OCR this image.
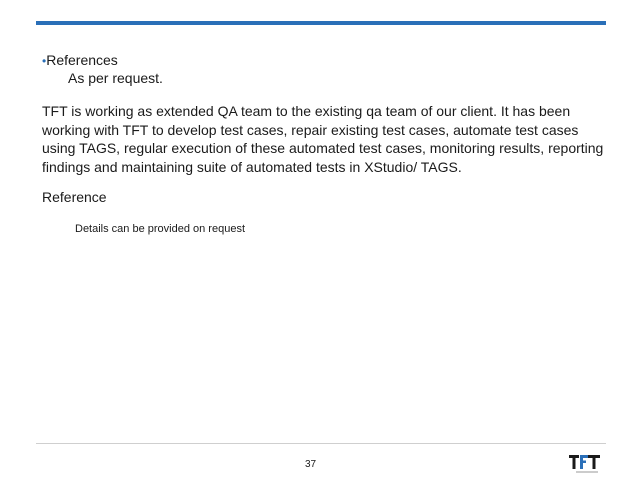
•References
As per request.
TFT is working as extended QA team to the existing qa team of our client. It has been working with TFT to develop test cases, repair existing test cases, automate test cases using TAGS, regular execution of these automated test cases, monitoring results, reporting findings and maintaining suite of automated tests in XStudio/ TAGS.
Reference
Details can be provided on request
37
